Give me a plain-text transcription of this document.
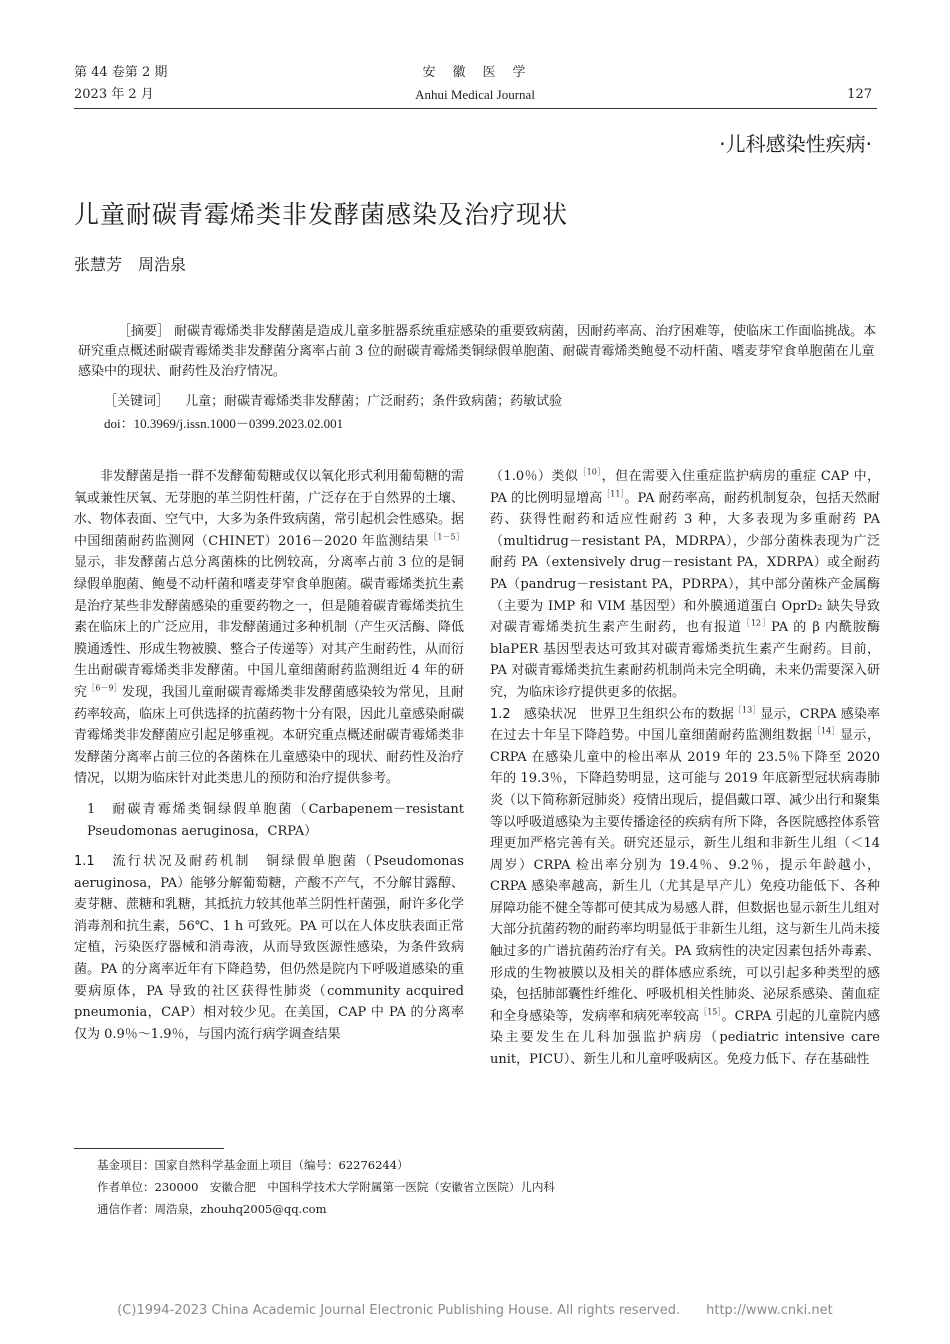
第 44 卷第 2 期
2023 年 2 月
安　徽　医　学
Anhui Medical Journal	127
·儿科感染性疾病·
儿童耐碳青霉烯类非发酵菌感染及治疗现状
张慧芳　周浩泉
［摘要］ 耐碳青霉烯类非发酵菌是造成儿童多脏器系统重症感染的重要致病菌，因耐药率高、治疗困难等，使临床工作面临挑战。本研究重点概述耐碳青霉烯类非发酵菌分离率占前 3 位的耐碳青霉烯类铜绿假单胞菌、耐碳青霉烯类鲍曼不动杆菌、嗜麦芽窄食单胞菌在儿童感染中的现状、耐药性及治疗情况。
［关键词］ 儿童；耐碳青霉烯类非发酵菌；广泛耐药；条件致病菌；药敏试验
doi：10.3969/j.issn.1000－0399.2023.02.001

非发酵菌是指一群不发酵葡萄糖或仅以氧化形式利用葡萄糖的需氧或兼性厌氧、无芽胞的革兰阴性杆菌，广泛存在于自然界的土壤、水、物体表面、空气中，大多为条件致病菌，常引起机会性感染。据中国细菌耐药监测网（CHINET）2016－2020 年监测结果$^{[1-5]}$显示，非发酵菌占总分离菌株的比例较高，分离率占前 3 位的是铜绿假单胞菌、鲍曼不动杆菌和嗜麦芽窄食单胞菌。碳青霉烯类抗生素是治疗某些非发酵菌感染的重要药物之一，但是随着碳青霉烯类抗生素在临床上的广泛应用，非发酵菌通过多种机制（产生灭活酶、降低膜通透性、形成生物被膜、整合子传递等）对其产生耐药性，从而衍生出耐碳青霉烯类非发酵菌。中国儿童细菌耐药监测组近 4 年的研究$^{[6-9]}$发现，我国儿童耐碳青霉烯类非发酵菌感染较为常见，且耐药率较高，临床上可供选择的抗菌药物十分有限，因此儿童感染耐碳青霉烯类非发酵菌应引起足够重视。本研究重点概述耐碳青霉烯类非发酵菌分离率占前三位的各菌株在儿童感染中的现状、耐药性及治疗情况，以期为临床针对此类患儿的预防和治疗提供参考。

1　耐碳青霉烯类铜绿假单胞菌（Carbapenem－resistant Pseudomonas aeruginosa，CRPA）

1.1　流行状况及耐药机制　 铜绿假单胞菌（Pseudomonas aeruginosa，PA）能够分解葡萄糖，产酸不产气，不分解甘露醇、麦芽糖、蔗糖和乳糖，其抵抗力较其他革兰阴性杆菌强，耐许多化学消毒剂和抗生素，56℃、1 h 可致死。PA 可以在人体皮肤表面正常定植，污染医疗器械和消毒液，从而导致医源性感染，为条件致病菌。PA 的分离率近年有下降趋势，但仍然是院内下呼吸道感染的重要病原体，PA 导致的社区获得性肺炎（community acquired pneumonia，CAP）相对较少见。在美国，CAP 中 PA 的分离率仅为 0.9％～1.9％，与国内流行病学调查结果

（1.0％）类似$^{[10]}$，但在需要入住重症监护病房的重症 CAP 中，PA 的比例明显增高$^{[11]}$。PA 耐药率高，耐药机制复杂，包括天然耐药、获得性耐药和适应性耐药 3 种，大多表现为多重耐药 PA（multidrug－resistant PA，MDRPA），少部分菌株表现为广泛耐药 PA（extensively drug－resistant PA，XDRPA）或全耐药 PA（pandrug－resistant PA，PDRPA），其中部分菌株产金属酶（主要为 IMP 和 VIM 基因型）和外膜通道蛋白 OprD₂ 缺失导致对碳青霉烯类抗生素产生耐药，也有报道$^{[12]}$PA 的 β 内酰胺酶 blaPER 基因型表达可致其对碳青霉烯类抗生素产生耐药。目前，PA 对碳青霉烯类抗生素耐药机制尚未完全明确，未来仍需要深入研究，为临床诊疗提供更多的依据。

1.2　感染状况　 世界卫生组织公布的数据$^{[13]}$显示，CRPA 感染率在过去十年呈下降趋势。中国儿童细菌耐药监测组数据$^{[14]}$显示，CRPA 在感染儿童中的检出率从 2019 年的 23.5％下降至 2020 年的 19.3％，下降趋势明显，这可能与 2019 年底新型冠状病毒肺炎（以下简称新冠肺炎）疫情出现后，提倡戴口罩、减少出行和聚集等以呼吸道感染为主要传播途径的疾病有所下降，各医院感控体系管理更加严格完善有关。研究还显示，新生儿组和非新生儿组（＜14 周岁）CRPA 检出率分别为 19.4％、9.2％，提示年龄越小，CRPA 感染率越高，新生儿（尤其是早产儿）免疫功能低下、各种屏障功能不健全等都可使其成为易感人群，但数据也显示新生儿组对大部分抗菌药物的耐药率均明显低于非新生儿组，这与新生儿尚未接触过多的广谱抗菌药治疗有关。PA 致病性的决定因素包括外毒素、形成的生物被膜以及相关的群体感应系统，可以引起多种类型的感染，包括肺部囊性纤维化、呼吸机相关性肺炎、泌尿系感染、菌血症和全身感染等，发病率和病死率较高$^{[15]}$。CRPA 引起的儿童院内感染主要发生在儿科加强监护病房（pediatric intensive care unit，PICU）、新生儿和儿童呼吸病区。免疫力低下、存在基础性

基金项目：国家自然科学基金面上项目（编号：62276244）
作者单位：230000　安徽合肥　中国科学技术大学附属第一医院（安徽省立医院）儿内科
通信作者：周浩泉，zhouhq2005@qq.com
(C)1994-2023 China Academic Journal Electronic Publishing House. All rights reserved.　　http://www.cnki.net
